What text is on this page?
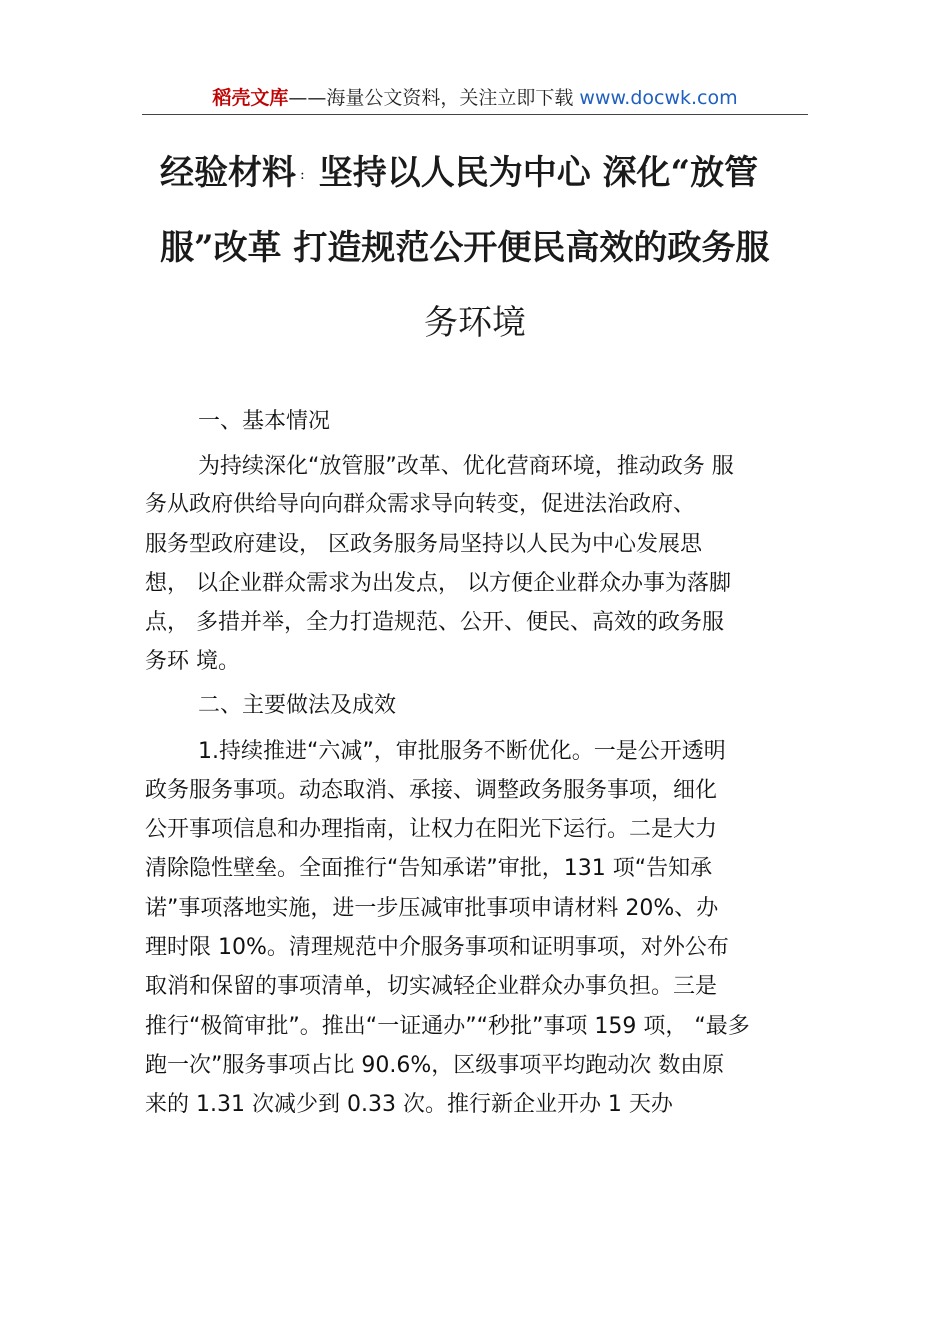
稻壳文库——海量公文资料，关注立即下载 www.docwk.com
经验材料 : 坚持以人民为中心 深化“放管
服”改革 打造规范公开便民高效的政务服
务环境
一、基本情况
为持续深化“放管服”改革、优化营商环境，推动政务 服
务从政府供给导向向群众需求导向转变，促进法治政府、
服务型政府建设， 区政务服务局坚持以人民为中心发展思
想， 以企业群众需求为出发点， 以方便企业群众办事为落脚
点， 多措并举，全力打造规范、公开、便民、高效的政务服
务环 境。
二、主要做法及成效
1.持续推进“六减”，审批服务不断优化。一是公开透明
政务服务事项。动态取消、承接、调整政务服务事项，细化
公开事项信息和办理指南，让权力在阳光下运行。二是大力
清除隐性壁垒。全面推行“告知承诺”审批，131 项“告知承
诺”事项落地实施，进一步压减审批事项申请材料 20%、办
理时限 10%。清理规范中介服务事项和证明事项，对外公布
取消和保留的事项清单，切实减轻企业群众办事负担。三是
推行“极简审批”。推出“一证通办”“秒批”事项 159 项， “最多
跑一次”服务事项占比 90.6%，区级事项平均跑动次 数由原
来的 1.31 次减少到 0.33 次。推行新企业开办 1 天办
